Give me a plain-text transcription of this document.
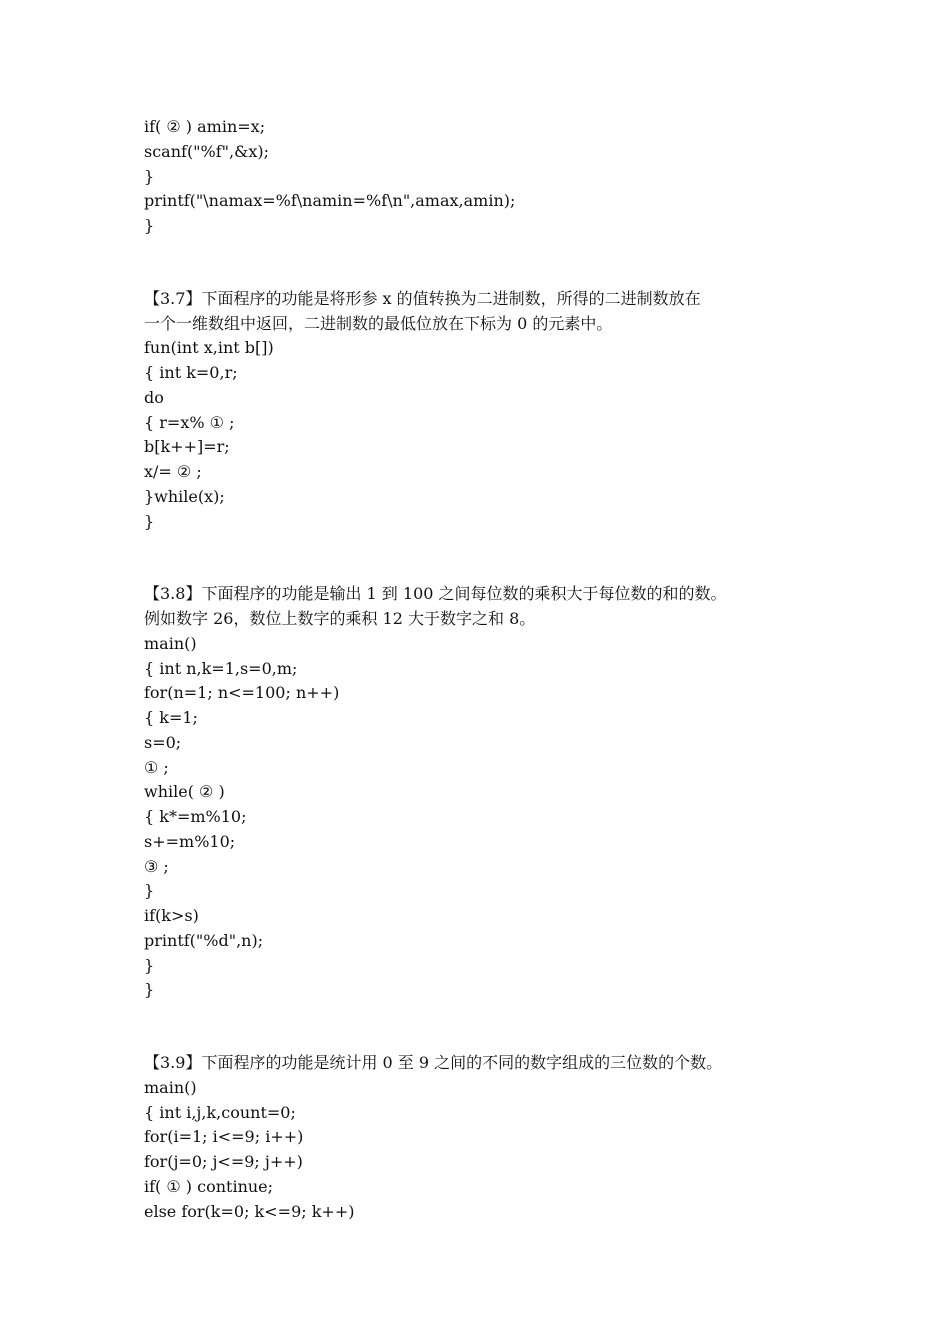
if( ② ) amin=x;
scanf("%f",&x);
}
printf("\namax=%f\namin=%f\n",amax,amin);
}
【3.7】下面程序的功能是将形参 x 的值转换为二进制数，所得的二进制数放在
一个一维数组中返回，二进制数的最低位放在下标为 0 的元素中。
fun(int x,int b[])
{ int k=0,r;
do
{ r=x% ① ;
b[k++]=r;
x/= ② ;
}while(x);
}
【3.8】下面程序的功能是输出 1 到 100 之间每位数的乘积大于每位数的和的数。
例如数字 26，数位上数字的乘积 12 大于数字之和 8。
main()
{ int n,k=1,s=0,m;
for(n=1; n<=100; n++)
{ k=1;
s=0;
① ;
while( ② )
{ k*=m%10;
s+=m%10;
③ ;
}
if(k>s)
printf("%d",n);
}
}
【3.9】下面程序的功能是统计用 0 至 9 之间的不同的数字组成的三位数的个数。
main()
{ int i,j,k,count=0;
for(i=1; i<=9; i++)
for(j=0; j<=9; j++)
if( ① ) continue;
else for(k=0; k<=9; k++)
